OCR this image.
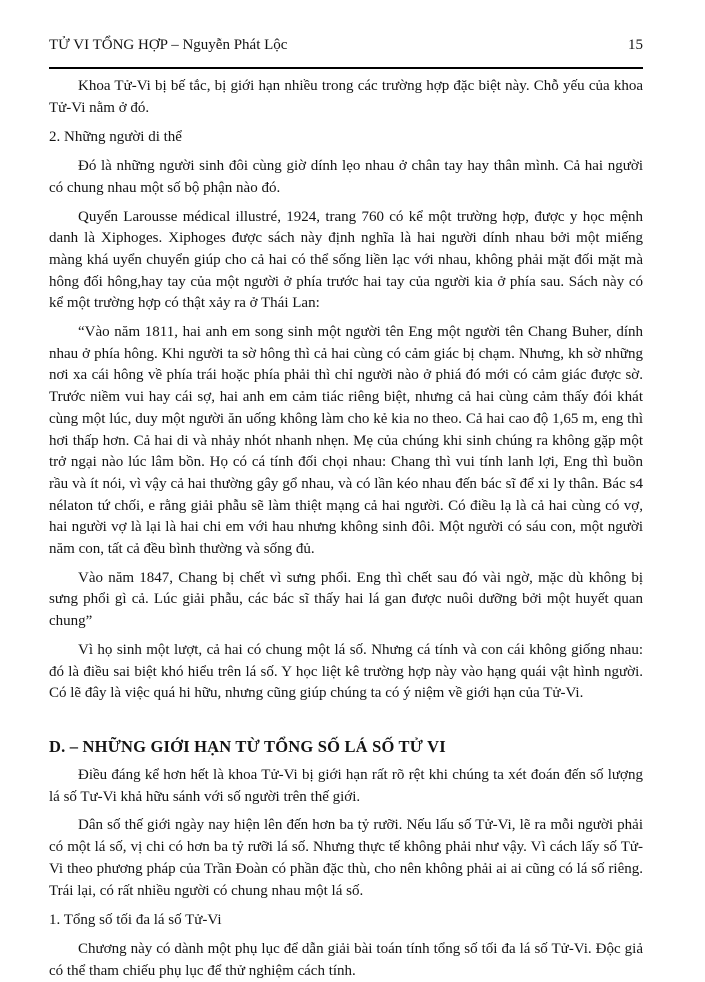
TỬ VI TỔNG HỢP – Nguyễn Phát Lộc	15

Khoa Tử-Vi bị bế tắc, bị giới hạn nhiều trong các trường hợp đặc biệt này. Chỗ yếu của khoa Tử-Vi nằm ở đó.

2. Những người di thể

Đó là những người sinh đôi cùng giờ dính lẹo nhau ở chân tay hay thân mình. Cả hai người có chung nhau một số bộ phận nào đó.

Quyển Larousse médical illustré, 1924, trang 760 có kể một trường hợp, được y học mệnh danh là Xiphoges. Xiphoges được sách này định nghĩa là hai người dính nhau bởi một miếng màng khá uyển chuyển giúp cho cả hai có thể sống liền lạc với nhau, không phải mặt đối mặt mà hông đối hông,hay tay của một người ở phía trước hai tay của người kia ở phía sau. Sách này có kể một trường hợp có thật xảy ra ở Thái Lan:

“Vào năm 1811, hai anh em song sinh một người tên Eng một người tên Chang Buher, dính nhau ở phía hông. Khi người ta sờ hông thì cả hai cùng có cảm giác bị chạm. Nhưng, kh sờ những nơi xa cái hông về phía trái hoặc phía phải thì chỉ người nào ở phiá đó mới có cảm giác được sờ. Trước niềm vui hay cái sợ, hai anh em cảm tiác riêng biệt, nhưng cả hai cùng cảm thấy đói khát cùng một lúc, duy một người ăn uống không làm cho kẻ kia no theo. Cả hai cao độ 1,65 m, eng thì hơi thấp hơn. Cả hai di và nhảy nhót nhanh nhẹn. Mẹ của chúng khi sinh chúng ra không gặp một trở ngại nào lúc lâm bồn. Họ có cá tính đối chọi nhau: Chang thì vui tính lanh lợi, Eng thì buồn rầu và ít nói, vì vậy cả hai thường gây gổ nhau, và có lần kéo nhau đến bác sĩ để xi ly thân. Bác s4 nélaton tứ chối, e rằng giải phẫu sẽ làm thiệt mạng cả hai người. Có điều lạ là cả hai cùng có vợ, hai người vợ là lại là hai chi em với hau nhưng không sinh đôi. Một người có sáu con, một người năm con, tất cả đều bình thường và sống đủ.

Vào năm 1847, Chang bị chết vì sưng phổi. Eng thì chết sau đó vài ngờ, mặc dù không bị sưng phổi gì cả. Lúc giải phẫu, các bác sĩ thấy hai lá gan được nuôi dưỡng bởi một huyết quan chung”

Vì họ sinh một lượt, cả hai có chung một lá số. Nhưng cá tính và con cái không giống nhau: đó là điều sai biệt khó hiểu trên lá số. Y học liệt kê trường hợp này vào hạng quái vật hình người. Có lẽ đây là việc quá hi hữu, nhưng cũng giúp chúng ta có ý niệm về giới hạn của Tử-Vi.

D. – NHỮNG GIỚI HẠN TỪ TỔNG SỐ LÁ SỐ TỬ VI

Điều đáng kể hơn hết là khoa Tử-Vi bị giới hạn rất rõ rệt khi chúng ta xét đoán đến số lượng lá số Tư-Vi khả hữu sánh với số người trên thế giới.

Dân số thế giới ngày nay hiện lên đến hơn ba tỷ rưỡi. Nếu lấu số Tử-Vi, lẽ ra mỗi người phải có một lá số, vị chi có hơn ba tỷ rưỡi lá số. Nhưng thực tế không phải như vậy. Vì cách lấy số Tử-Vi theo phương pháp của Trần Đoàn có phần đặc thù, cho nên không phải ai ai cũng có lá số riêng. Trái lại, có rất nhiều người có chung nhau một lá số.

1. Tổng số tối đa lá số Tử-Vi

Chương này có dành một phụ lục để dẫn giải bài toán tính tổng số tối đa lá số Tử-Vi. Độc giả có thể tham chiếu phụ lục để thử nghiệm cách tính.
